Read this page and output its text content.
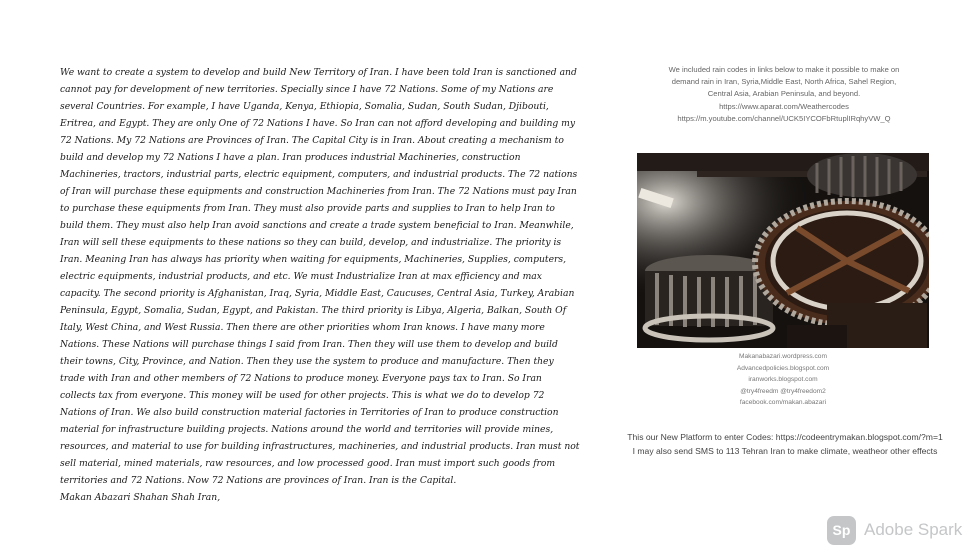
We want to create a system to develop and build New Territory of Iran. I have been told Iran is sanctioned and cannot pay for development of new territories. Specially since I have 72 Nations. Some of my Nations are several Countries. For example, I have Uganda, Kenya, Ethiopia, Somalia, Sudan, South Sudan, Djibouti, Eritrea, and Egypt. They are only One of 72 Nations I have. So Iran can not afford developing and building my 72 Nations. My 72 Nations are Provinces of Iran. The Capital City is in Iran. About creating a mechanism to build and develop my 72 Nations I have a plan. Iran produces industrial Machineries, construction Machineries, tractors, industrial parts, electric equipment, computers, and industrial products. The 72 nations of Iran will purchase these equipments and construction Machineries from Iran. The 72 Nations must pay Iran to purchase these equipments from Iran. They must also provide parts and supplies to Iran to help Iran to build them. They must also help Iran avoid sanctions and create a trade system beneficial to Iran. Meanwhile, Iran will sell these equipments to these nations so they can build, develop, and industrialize. The priority is Iran. Meaning Iran has always has priority when waiting for equipments, Machineries, Supplies, computers, electric equipments, industrial products, and etc. We must Industrialize Iran at max efficiency and max capacity. The second priority is Afghanistan, Iraq, Syria, Middle East, Caucuses, Central Asia, Turkey, Arabian Peninsula, Egypt, Somalia, Sudan, Egypt, and Pakistan. The third priority is Libya, Algeria, Balkan, South Of Italy, West China, and West Russia. Then there are other priorities whom Iran knows. I have many more Nations. These Nations will purchase things I said from Iran. Then they will use them to develop and build their towns, City, Province, and Nation. Then they use the system to produce and manufacture. Then they trade with Iran and other members of 72 Nations to produce money. Everyone pays tax to Iran. So Iran collects tax from everyone. This money will be used for other projects. This is what we do to develop 72 Nations of Iran. We also build construction material factories in Territories of Iran to produce construction material for infrastructure building projects. Nations around the world and territories will provide mines, resources, and material to use for building infrastructures, machineries, and industrial products. Iran must not sell material, mined materials, raw resources, and low processed good. Iran must import such goods from territories and 72 Nations. Now 72 Nations are provinces of Iran. Iran is the Capital.

Makan Abazari Shahan Shah Iran,

We included rain codes in links below to make it possible to make on demand rain in Iran, Syria,Middle East, North Africa, Sahel Region, Central Asia, Arabian Peninsula, and beyond.
https://www.aparat.com/Weathercodes
https://m.youtube.com/channel/UCK5IYCOFbRtuplIRqhyVW_Q
Makanabazari.wordpress.com
Advancedpolicies.blogspot.com
iranworks.blogspot.com
@try4freedm @try4freedom2
facebook.com/makan.abazari
This our New Platform to enter Codes: https://codeentrymakan.blogspot.com/?m=1
I may also send SMS to 113 Tehran Iran to make climate, weatheor other effects
Sp Adobe Spark
